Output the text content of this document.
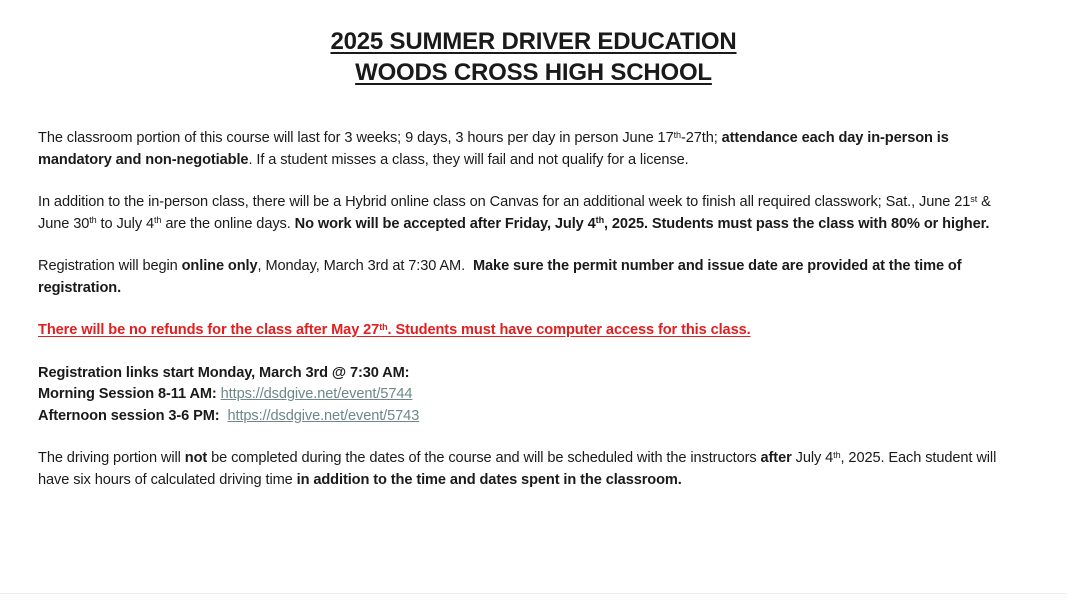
2025 SUMMER DRIVER EDUCATION
WOODS CROSS HIGH SCHOOL

The classroom portion of this course will last for 3 weeks; 9 days, 3 hours per day in person June 17th-27th; attendance each day in-person is mandatory and non-negotiable. If a student misses a class, they will fail and not qualify for a license.

In addition to the in-person class, there will be a Hybrid online class on Canvas for an additional week to finish all required classwork; Sat., June 21st & June 30th to July 4th are the online days. No work will be accepted after Friday, July 4th, 2025. Students must pass the class with 80% or higher.

Registration will begin online only, Monday, March 3rd at 7:30 AM.  Make sure the permit number and issue date are provided at the time of registration.

There will be no refunds for the class after May 27th. Students must have computer access for this class.

Registration links start Monday, March 3rd @ 7:30 AM:
Morning Session 8-11 AM: https://dsdgive.net/event/5744
Afternoon session 3-6 PM:  https://dsdgive.net/event/5743

The driving portion will not be completed during the dates of the course and will be scheduled with the instructors after July 4th, 2025. Each student will have six hours of calculated driving time in addition to the time and dates spent in the classroom.
